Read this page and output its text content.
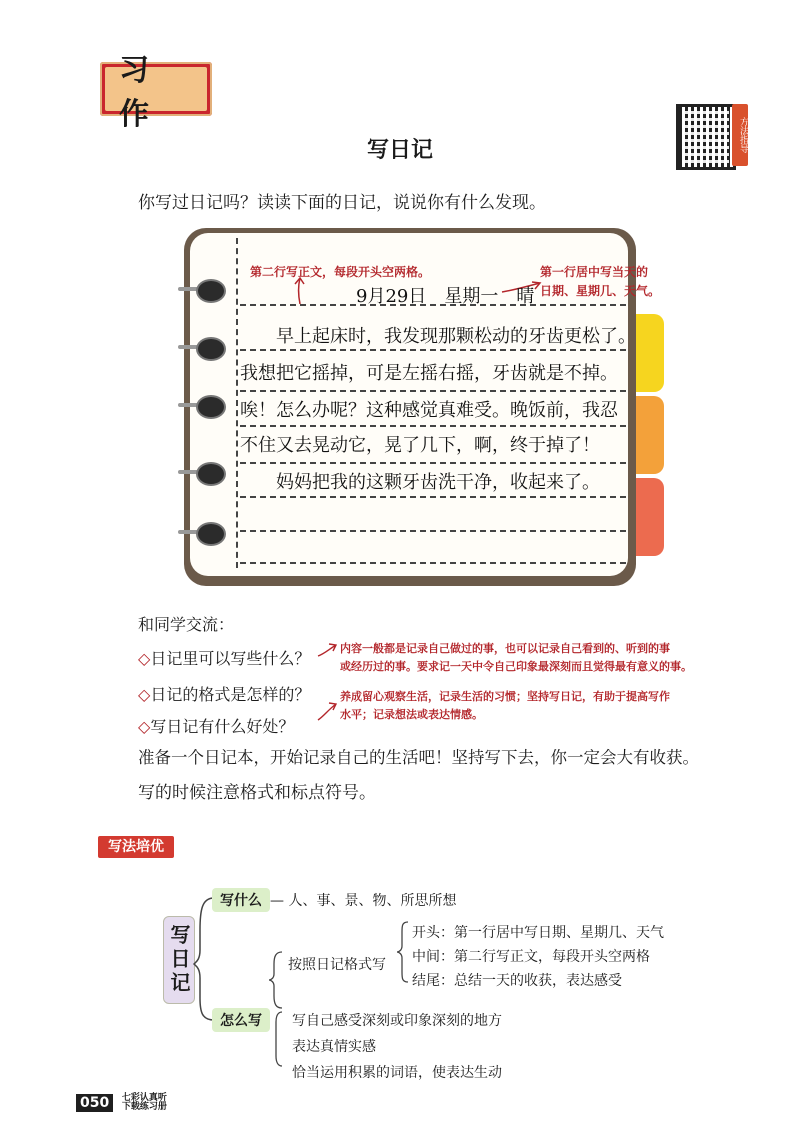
习 作
方法指导
写日记
你写过日记吗？读读下面的日记，说说你有什么发现。
第二行写正文，每段开头空两格。	第一行居中写当天的
日期、星期几、天气。
9月29日　星期一　晴
　　早上起床时，我发现那颗松动的牙齿更松了。
我想把它摇掉，可是左摇右摇，牙齿就是不掉。
唉！怎么办呢？这种感觉真难受。晚饭前，我忍
不住又去晃动它，晃了几下，啊，终于掉了！
　　妈妈把我的这颗牙齿洗干净，收起来了。
和同学交流：
◇日记里可以写些什么？
◇日记的格式是怎样的？
◇写日记有什么好处？
内容一般都是记录自己做过的事，也可以记录自己看到的、听到的事
或经历过的事。要求记一天中令自己印象最深刻而且觉得最有意义的事。
养成留心观察生活，记录生活的习惯；坚持写日记，有助于提高写作
水平；记录想法或表达情感。
准备一个日记本，开始记录自己的生活吧！坚持写下去，你一定会大有收获。
写的时候注意格式和标点符号。
写法培优
写日记
写什么 — 人、事、景、物、所思所想
怎么写
按照日记格式写
开头：第一行居中写日期、星期几、天气
中间：第二行写正文，每段开头空两格
结尾：总结一天的收获，表达感受
写自己感受深刻或印象深刻的地方
表达真情实感
恰当运用积累的词语，使表达生动
050 七彩认真听
下载练习册
